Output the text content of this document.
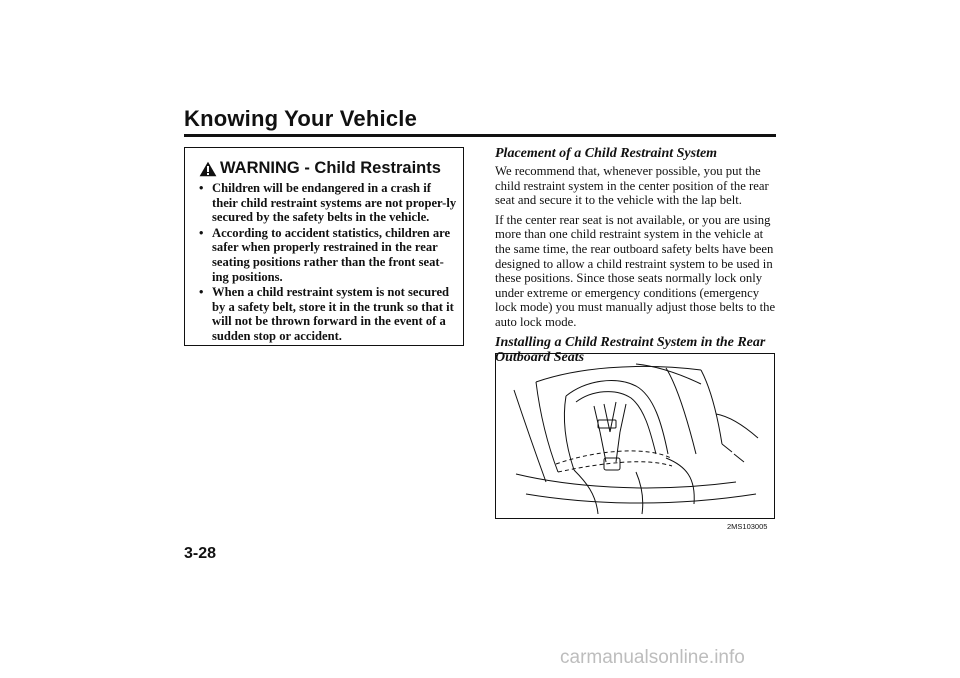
Knowing Your Vehicle
WARNING - Child Restraints
• Children will be endangered in a crash if their child restraint systems are not proper-ly secured by the safety belts in the vehicle.
• According to accident statistics, children are safer when properly restrained in the rear seating positions rather than the front seat-ing positions.
• When a child restraint system is not secured by a safety belt, store it in the trunk so that it will not be thrown forward in the event of a sudden stop or accident.
Placement of a Child Restraint System

We recommend that, whenever possible, you put the child restraint system in the center position of the rear seat and secure it to the vehicle with the lap belt.

If the center rear seat is not available, or you are using more than one child restraint system in the vehicle at the same time, the rear outboard safety belts have been designed to allow a child restraint system to be used in these positions. Since those seats normally lock only under extreme or emergency conditions (emergency lock mode) you must manually adjust those belts to the auto lock mode.

Installing a Child Restraint System in the Rear Outboard Seats
2MS103005
3-28
carmanualsonline.info
